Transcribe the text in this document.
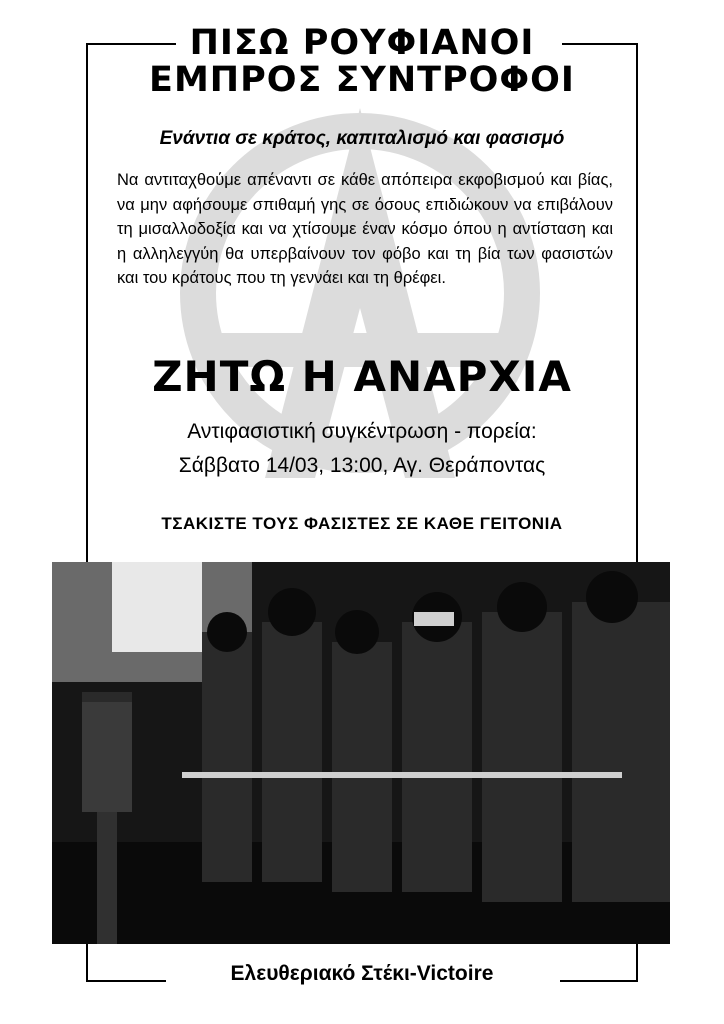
ΠΙΣΩ ΡΟΥΦΙΑΝΟΙ
ΕΜΠΡΟΣ ΣΥΝΤΡΟΦΟΙ
Ενάντια σε κράτος, καπιταλισμό και φασισμό
Να αντιταχθούμε απέναντι σε κάθε απόπειρα εκφοβισμού και βίας, να μην αφήσουμε σπιθαμή γης σε όσους επιδιώκουν να επιβάλουν τη μισαλλοδοξία και να χτίσουμε έναν κόσμο όπου η αντίσταση και η αλληλεγγύη θα υπερβαίνουν τον φόβο και τη βία των φασιστών και του κράτους που τη γεννάει και τη θρέφει.
ΖΗΤΩ Η ΑΝΑΡΧΙΑ
Αντιφασιστική συγκέντρωση - πορεία:
Σάββατο 14/03, 13:00, Αγ. Θεράποντας
ΤΣΑΚΙΣΤΕ ΤΟΥΣ ΦΑΣΙΣΤΕΣ ΣΕ ΚΑΘΕ ΓΕΙΤΟΝΙΑ
Ελευθεριακό Στέκι-Victoire
